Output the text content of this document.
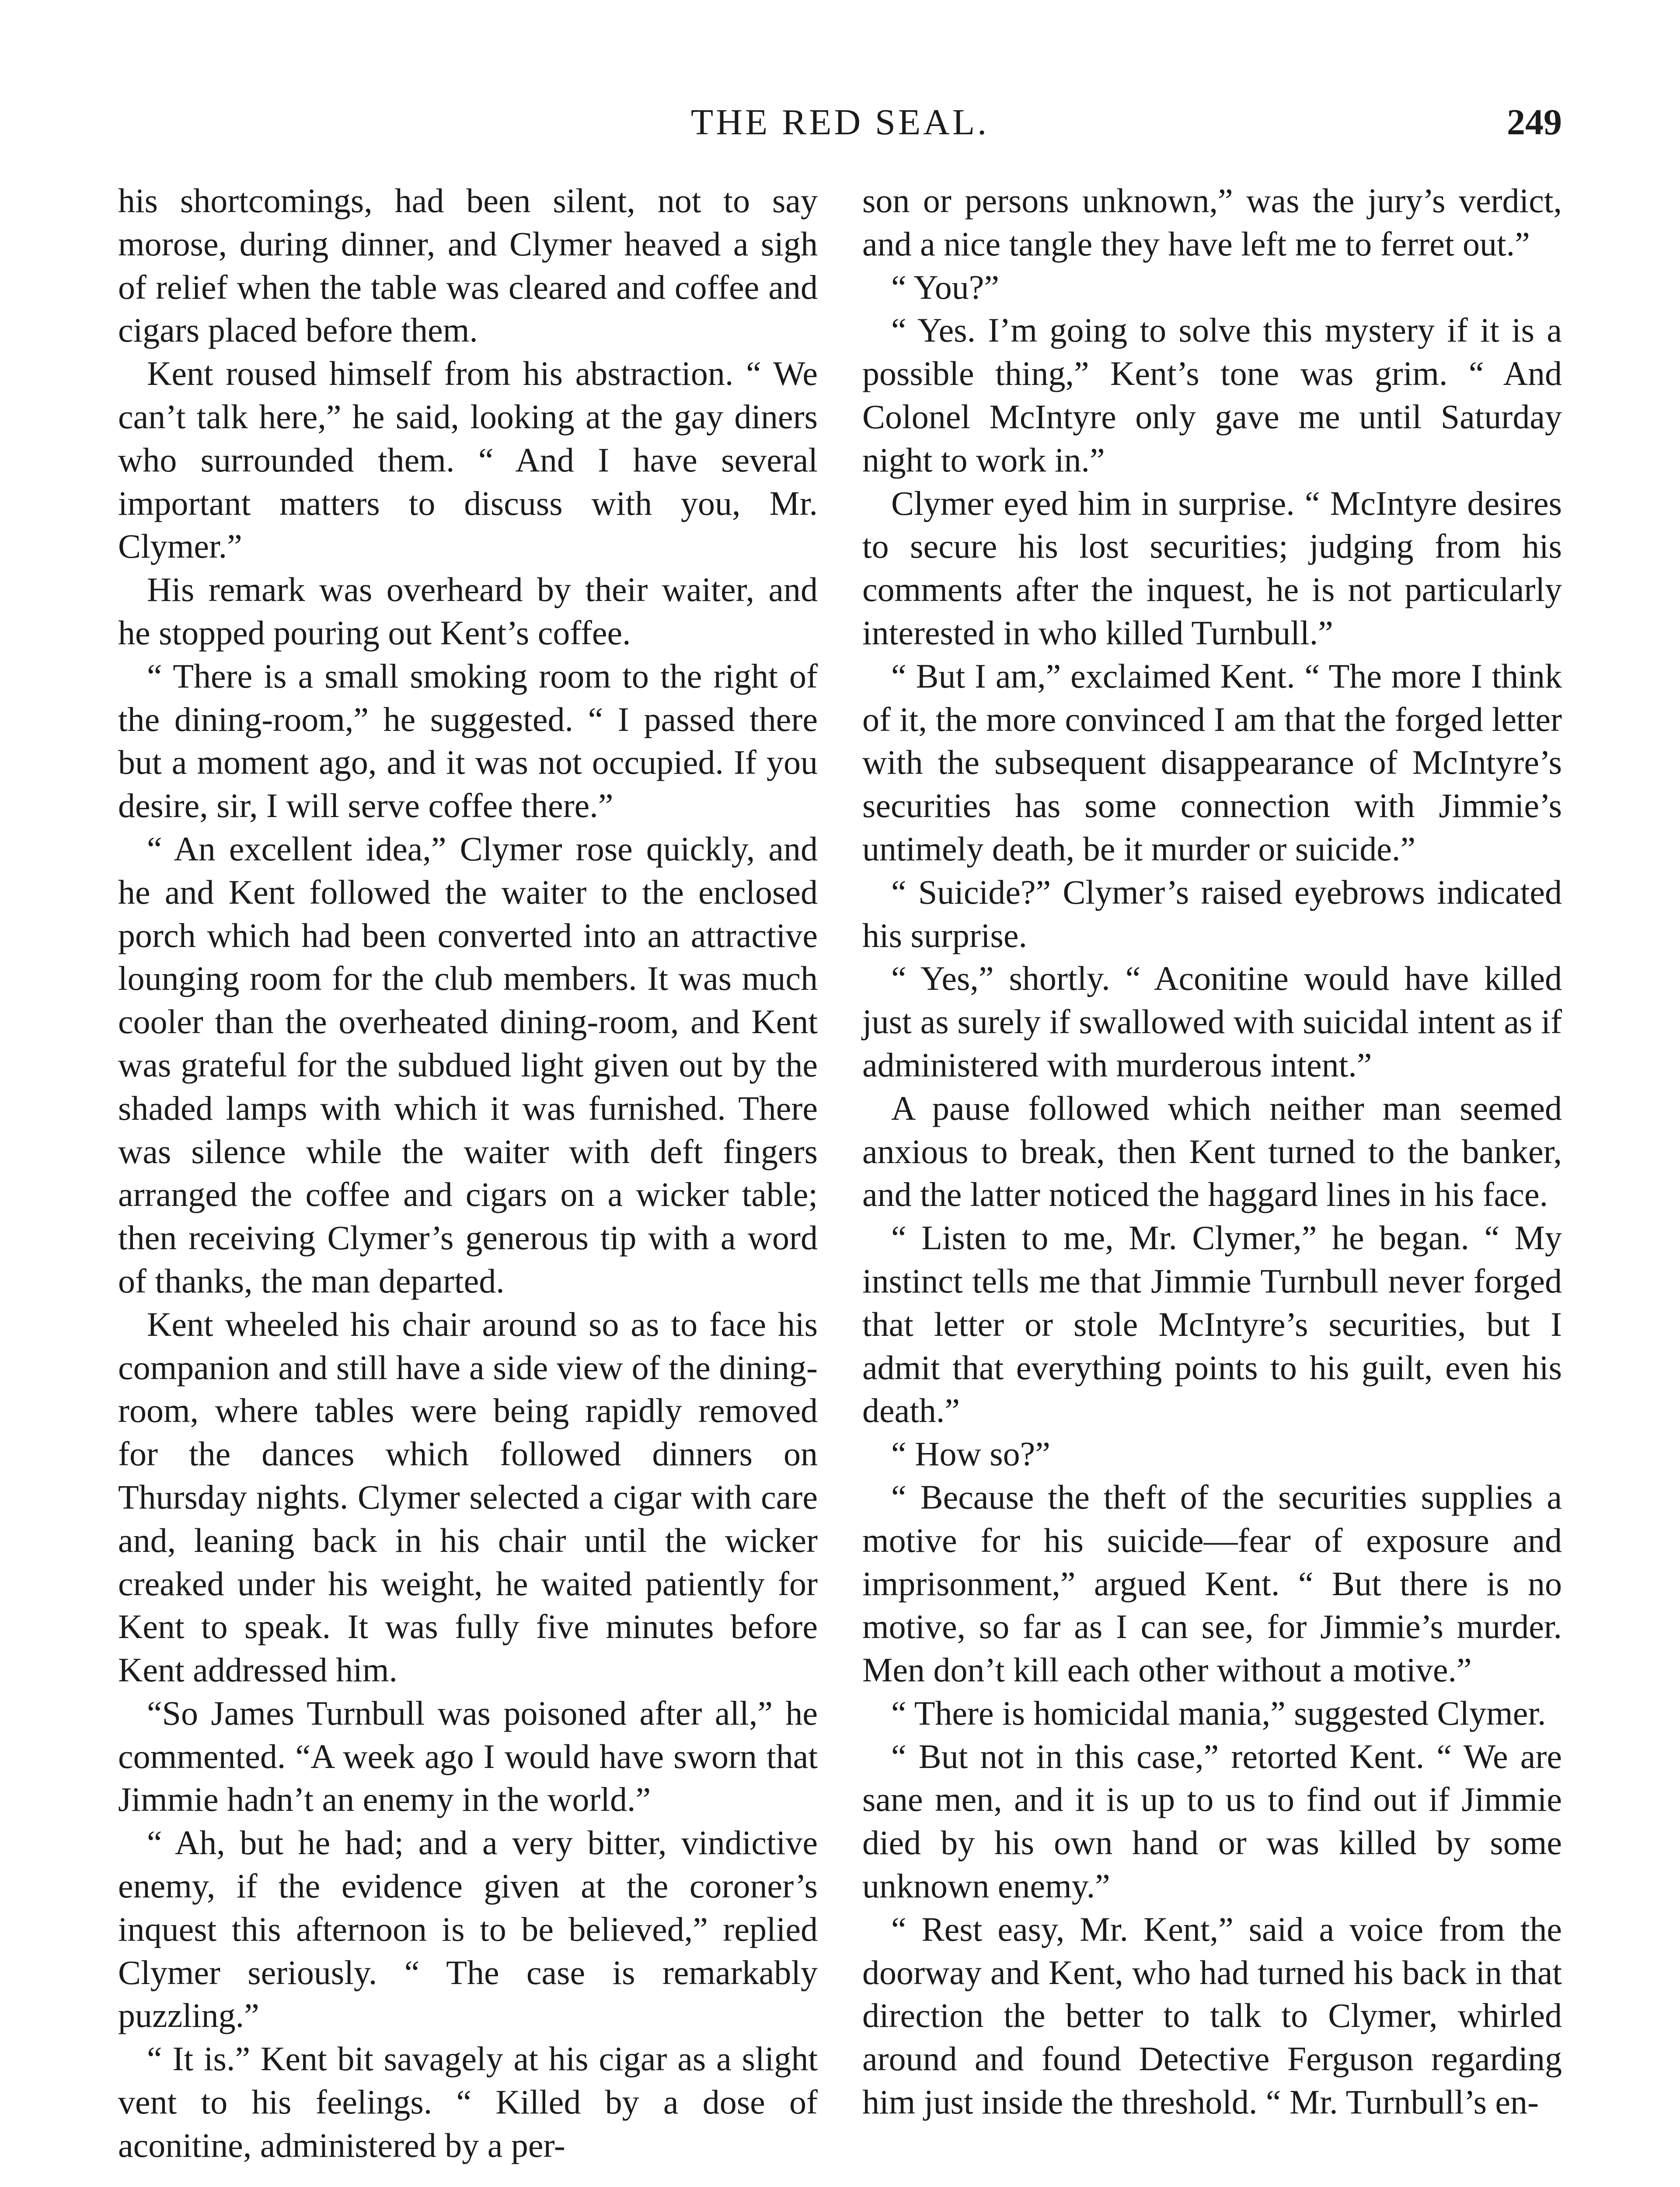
THE RED SEAL.	249

his shortcomings, had been silent, not to say morose, during dinner, and Clymer heaved a sigh of relief when the table was cleared and coffee and cigars placed before them.

Kent roused himself from his abstraction. “ We can’t talk here,” he said, looking at the gay diners who surrounded them. “ And I have several important matters to discuss with you, Mr. Clymer.”

His remark was overheard by their waiter, and he stopped pouring out Kent’s coffee.

“ There is a small smoking room to the right of the dining-room,” he suggested. “ I passed there but a moment ago, and it was not occupied. If you desire, sir, I will serve coffee there.”

“ An excellent idea,” Clymer rose quickly, and he and Kent followed the waiter to the enclosed porch which had been converted into an attractive lounging room for the club members. It was much cooler than the overheated dining-room, and Kent was grateful for the subdued light given out by the shaded lamps with which it was furnished. There was silence while the waiter with deft fingers arranged the coffee and cigars on a wicker table; then receiving Clymer’s generous tip with a word of thanks, the man departed.

Kent wheeled his chair around so as to face his companion and still have a side view of the dining-room, where tables were being rapidly removed for the dances which followed dinners on Thursday nights. Clymer selected a cigar with care and, leaning back in his chair until the wicker creaked under his weight, he waited patiently for Kent to speak. It was fully five minutes before Kent addressed him.

“So James Turnbull was poisoned after all,” he commented. “A week ago I would have sworn that Jimmie hadn’t an enemy in the world.”

“ Ah, but he had; and a very bitter, vindictive enemy, if the evidence given at the coroner’s inquest this afternoon is to be believed,” replied Clymer seriously. “ The case is remarkably puzzling.”

“ It is.” Kent bit savagely at his cigar as a slight vent to his feelings. “ Killed by a dose of aconitine, administered by a per-

son or persons unknown,” was the jury’s verdict, and a nice tangle they have left me to ferret out.”

“ You?”

“ Yes. I’m going to solve this mystery if it is a possible thing,” Kent’s tone was grim. “ And Colonel McIntyre only gave me until Saturday night to work in.”

Clymer eyed him in surprise. “ McIntyre desires to secure his lost securities; judging from his comments after the inquest, he is not particularly interested in who killed Turnbull.”

“ But I am,” exclaimed Kent. “ The more I think of it, the more convinced I am that the forged letter with the subsequent disappearance of McIntyre’s securities has some connection with Jimmie’s untimely death, be it murder or suicide.”

“ Suicide?” Clymer’s raised eyebrows indicated his surprise.

“ Yes,” shortly. “ Aconitine would have killed just as surely if swallowed with suicidal intent as if administered with murderous intent.”

A pause followed which neither man seemed anxious to break, then Kent turned to the banker, and the latter noticed the haggard lines in his face.

“ Listen to me, Mr. Clymer,” he began. “ My instinct tells me that Jimmie Turnbull never forged that letter or stole McIntyre’s securities, but I admit that everything points to his guilt, even his death.”

“ How so?”

“ Because the theft of the securities supplies a motive for his suicide—fear of exposure and imprisonment,” argued Kent. “ But there is no motive, so far as I can see, for Jimmie’s murder. Men don’t kill each other without a motive.”

“ There is homicidal mania,” suggested Clymer.

“ But not in this case,” retorted Kent. “ We are sane men, and it is up to us to find out if Jimmie died by his own hand or was killed by some unknown enemy.”

“ Rest easy, Mr. Kent,” said a voice from the doorway and Kent, who had turned his back in that direction the better to talk to Clymer, whirled around and found Detective Ferguson regarding him just inside the threshold. “ Mr. Turnbull’s en-
